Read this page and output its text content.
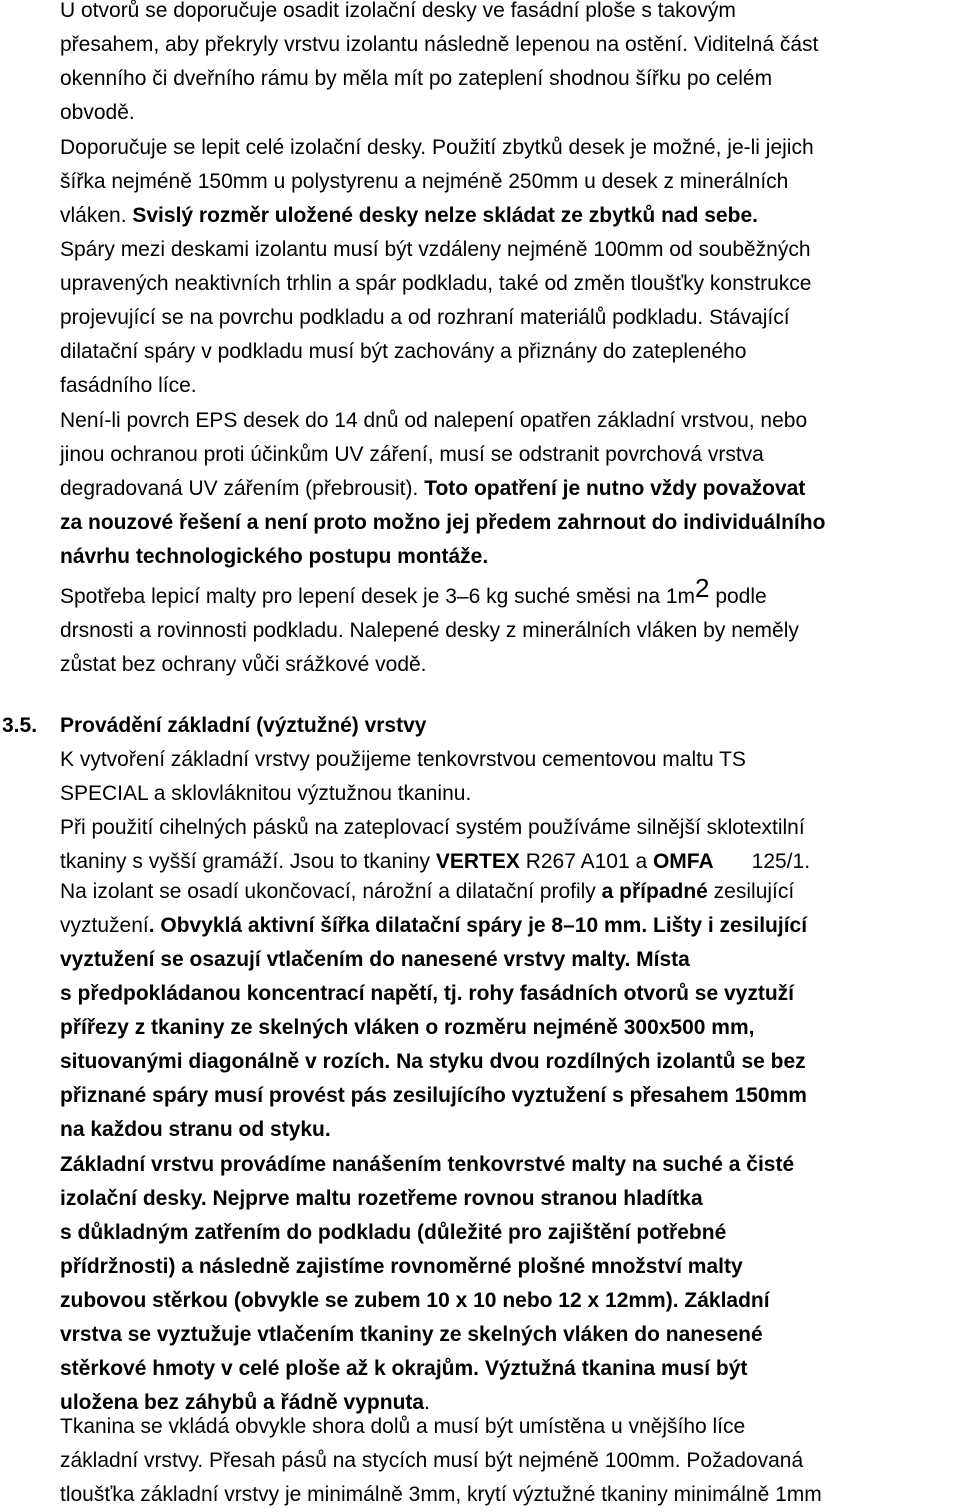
U otvorů se doporučuje osadit izolační desky ve fasádní ploše s takovým
přesahem, aby překryly vrstvu izolantu následně lepenou na ostění. Viditelná část
okenního či dveřního rámu by měla mít po zateplení shodnou šířku po celém
obvodě.

Doporučuje se lepit celé izolační desky. Použití zbytků desek je možné, je-li jejich
šířka nejméně 150mm u polystyrenu a nejméně 250mm u desek z minerálních
vláken. Svislý rozměr uložené desky nelze skládat ze zbytků nad sebe.

Spáry mezi deskami izolantu musí být vzdáleny nejméně 100mm od souběžných
upravených neaktivních trhlin a spár podkladu, také od změn tloušťky konstrukce
projevující se na povrchu podkladu a od rozhraní materiálů podkladu. Stávající
dilatační spáry v podkladu musí být zachovány a přiznány do zatepleného
fasádního líce.

Není-li povrch EPS desek do 14 dnů od nalepení opatřen základní vrstvou, nebo
jinou ochranou proti účinkům UV záření, musí se odstranit povrchová vrstva
degradovaná UV zářením (přebrousit). Toto opatření je nutno vždy považovat
za nouzové řešení a není proto možno jej předem zahrnout do individuálního
návrhu technologického postupu montáže.

Spotřeba lepicí malty pro lepení desek je 3–6 kg suché směsi na $1m^2$ podle
drsnosti a rovinnosti podkladu. Nalepené desky z minerálních vláken by neměly
zůstat bez ochrany vůči srážkové vodě.

3.5. Provádění základní (výztužné) vrstvy

K vytvoření základní vrstvy použijeme tenkovrstvou cementovou maltu TS
SPECIAL a sklovláknitou výztužnou tkaninu.

Při použití cihelných pásků na zateplovací systém používáme silnější sklotextilní
tkaniny s vyšší gramáží. Jsou to tkaniny VERTEX R267 A101 a OMFA 125/1.

Na izolant se osadí ukončovací, nárožní a dilatační profily a případné zesilující
vyztužení. Obvyklá aktivní šířka dilatační spáry je 8–10 mm. Lišty i zesilující
vyztužení se osazují vtlačením do nanesené vrstvy malty. Místa
s předpokládanou koncentrací napětí, tj. rohy fasádních otvorů se vyztuží
přířezy z tkaniny ze skelných vláken o rozměru nejméně 300x500 mm,
situovanými diagonálně v rozích. Na styku dvou rozdílných izolantů se bez
přiznané spáry musí provést pás zesilujícího vyztužení s přesahem 150mm
na každou stranu od styku.

Základní vrstvu provádíme nanášením tenkovrstvé malty na suché a čisté
izolační desky. Nejprve maltu rozetřeme rovnou stranou hladítka
s důkladným zatřením do podkladu (důležité pro zajištění potřebné
přídržnosti) a následně zajistíme rovnoměrné plošné množství malty
zubovou stěrkou (obvykle se zubem 10 x 10 nebo 12 x 12mm). Základní
vrstva se vyztužuje vtlačením tkaniny ze skelných vláken do nanesené
stěrkové hmoty v celé ploše až k okrajům. Výztužná tkanina musí být
uložena bez záhybů a řádně vypnuta.

Tkanina se vkládá obvykle shora dolů a musí být umístěna u vnějšího líce
základní vrstvy. Přesah pásů na stycích musí být nejméně 100mm. Požadovaná
tloušťka základní vrstvy je minimálně 3mm, krytí výztužné tkaniny minimálně 1mm
